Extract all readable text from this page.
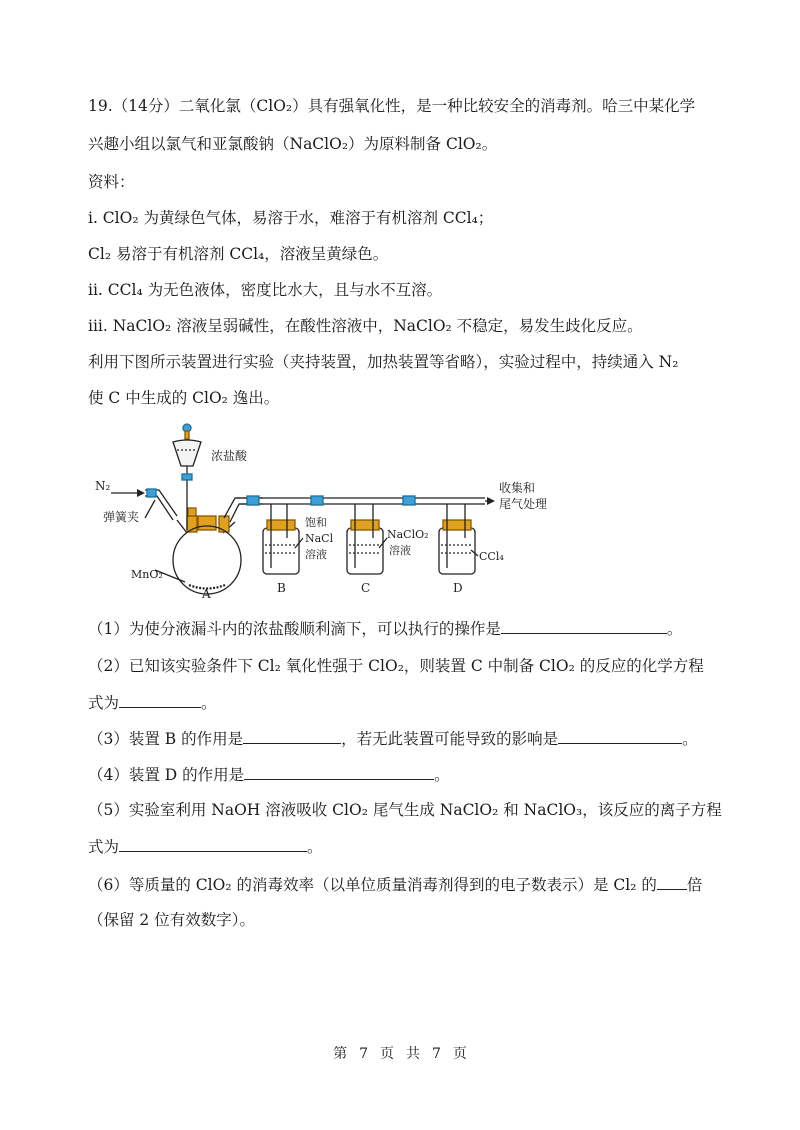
19.（14分）二氧化氯（ClO₂）具有强氧化性，是一种比较安全的消毒剂。哈三中某化学
兴趣小组以氯气和亚氯酸钠（NaClO₂）为原料制备 ClO₂。
资料：
i. ClO₂ 为黄绿色气体，易溶于水，难溶于有机溶剂 CCl₄；
Cl₂ 易溶于有机溶剂 CCl₄，溶液呈黄绿色。
ii. CCl₄ 为无色液体，密度比水大，且与水不互溶。
iii. NaClO₂ 溶液呈弱碱性，在酸性溶液中，NaClO₂ 不稳定，易发生歧化反应。
利用下图所示装置进行实验（夹持装置，加热装置等省略），实验过程中，持续通入 N₂
使 C 中生成的 ClO₂ 逸出。
N₂
弹簧夹
浓盐酸
MnO₂
A	B	C	D
饱和
NaCl
溶液
NaClO₂
溶液	CCl₄
收集和
尾气处理
（1）为使分液漏斗内的浓盐酸顺利滴下，可以执行的操作是	。
（2）已知该实验条件下 Cl₂ 氧化性强于 ClO₂，则装置 C 中制备 ClO₂ 的反应的化学方程
式为	。
（3）装置 B 的作用是	，若无此装置可能导致的影响是	。
（4）装置 D 的作用是	。
（5）实验室利用 NaOH 溶液吸收 ClO₂ 尾气生成 NaClO₂ 和 NaClO₃，该反应的离子方程
式为	。
（6）等质量的 ClO₂ 的消毒效率（以单位质量消毒剂得到的电子数表示）是 Cl₂ 的 倍
（保留 2 位有效数字）。
第 7 页 共 7 页
